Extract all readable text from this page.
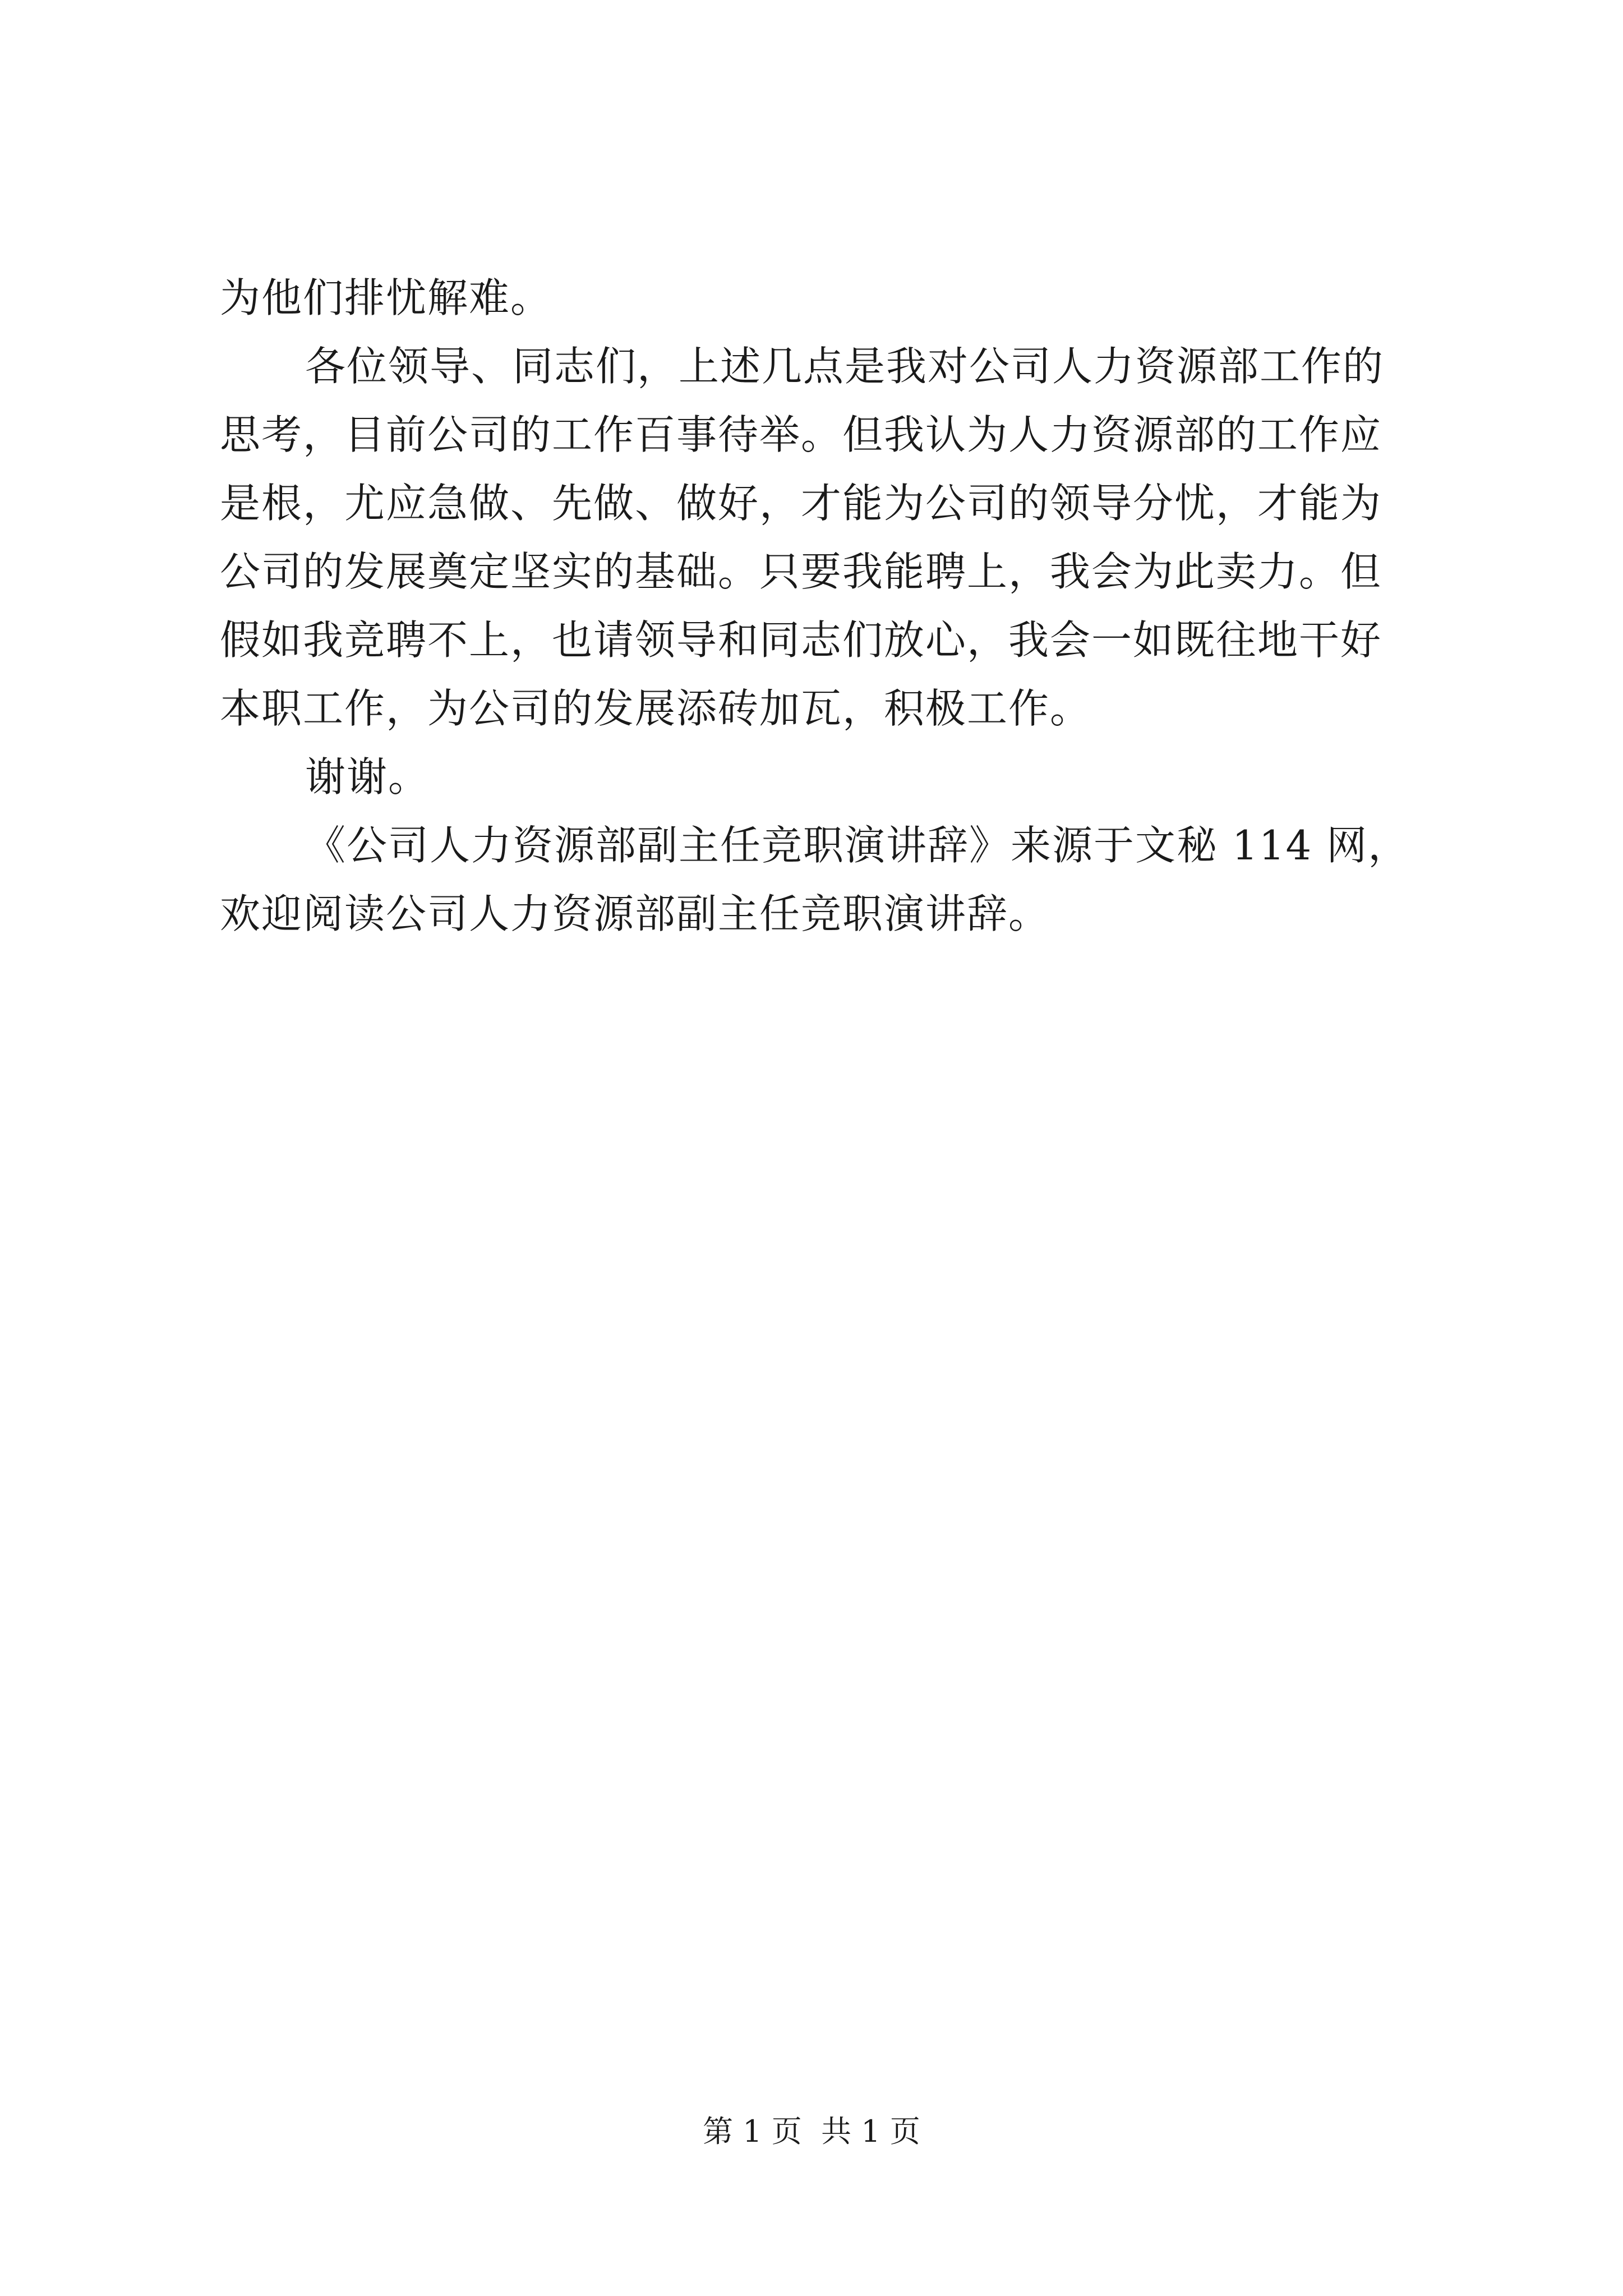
为他们排忧解难。
各位领导、同志们，上述几点是我对公司人力资源部工作的
思考，目前公司的工作百事待举。但我认为人力资源部的工作应
是根，尤应急做、先做、做好，才能为公司的领导分忧，才能为
公司的发展奠定坚实的基础。只要我能聘上，我会为此卖力。但
假如我竞聘不上，也请领导和同志们放心，我会一如既往地干好
本职工作，为公司的发展添砖加瓦，积极工作。
谢谢。
《公司人力资源部副主任竞职演讲辞》来源于文秘 114 网，
欢迎阅读公司人力资源部副主任竞职演讲辞。
第 1 页  共 1 页
